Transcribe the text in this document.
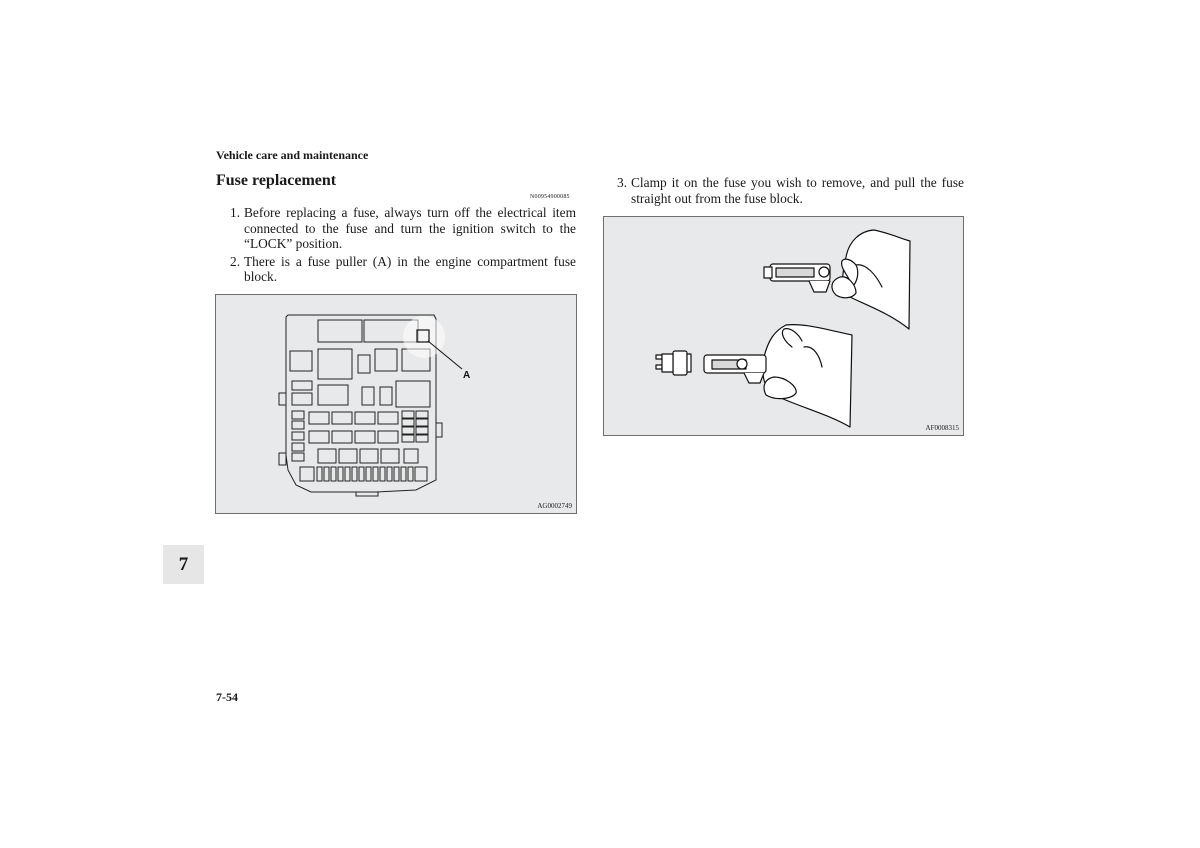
Vehicle care and maintenance
Fuse replacement
N00954900085
1. Before replacing a fuse, always turn off the electrical item connected to the fuse and turn the ignition switch to the “LOCK” position.
2. There is a fuse puller (A) in the engine compartment fuse block.
A
AG0002749
3. Clamp it on the fuse you wish to remove, and pull the fuse straight out from the fuse block.
AF0008315
7
7-54
